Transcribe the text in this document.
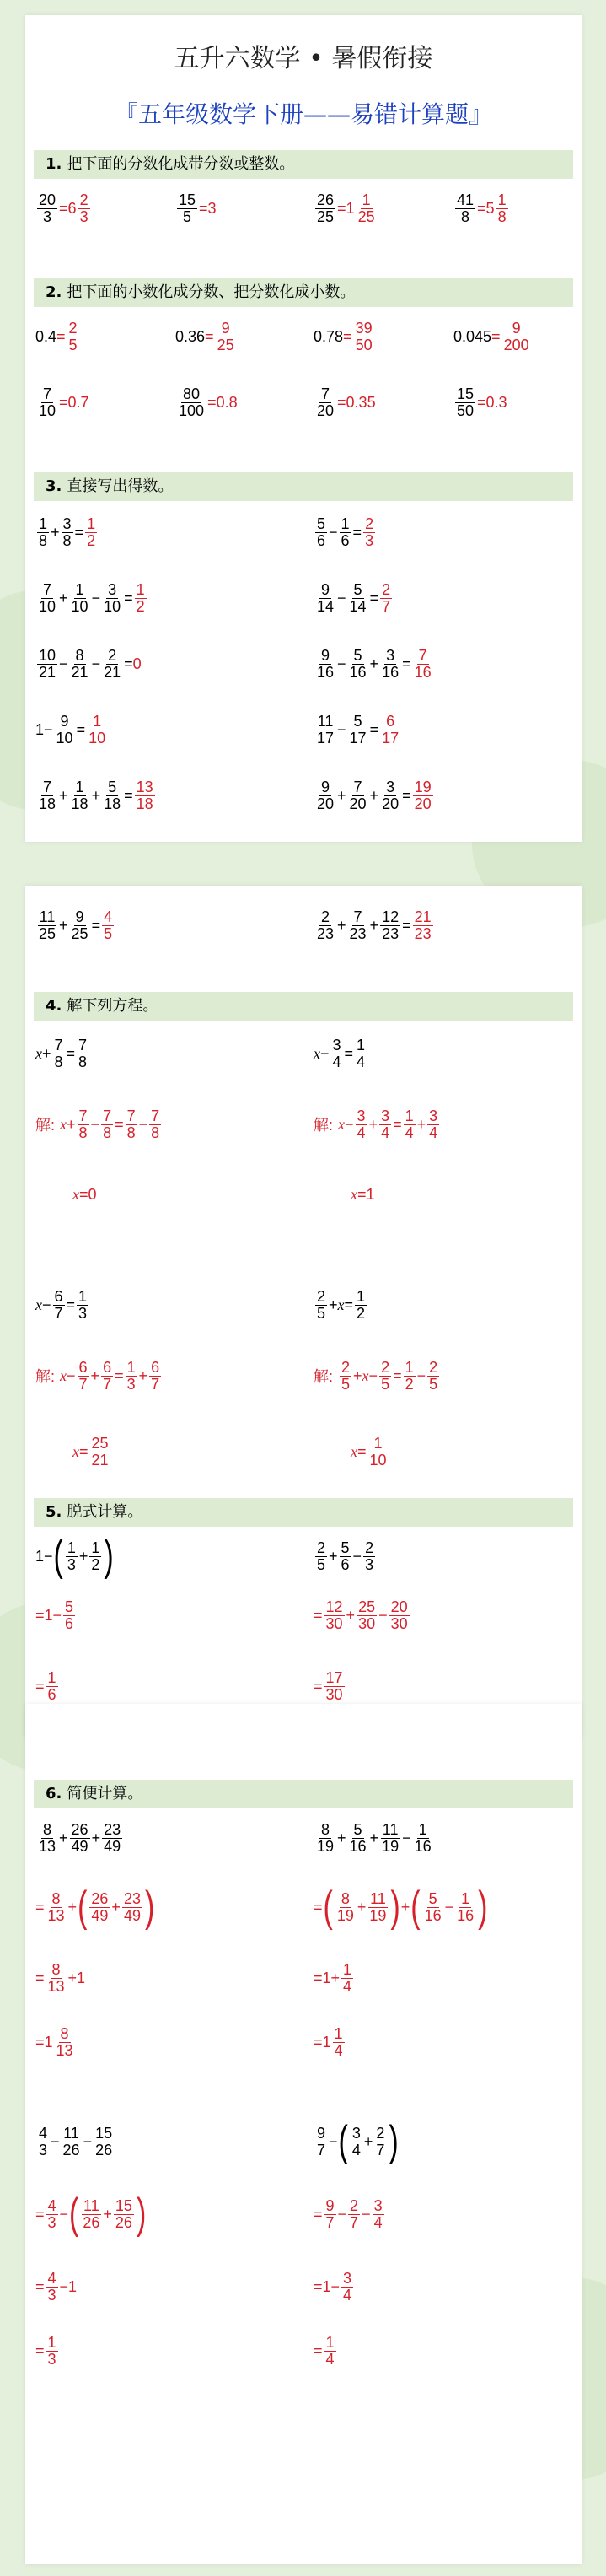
五升六数学 • 暑假衔接
『五年级数学下册——易错计算题』
1. 把下面的分数化成带分数或整数。
$\frac{20}{3} =6$ 2
3	$\frac{15}{5} =3$	$\frac{26}{25} =1$ 1
25	$\frac{41}{8} =5$ 1
8
2. 把下面的小数化成分数、把分数化成小数。
$0.4 = \frac{2}{5}$	$0.36 = \frac{9}{25}$	$0.78 = \frac{39}{50}$	$0.045 = \frac{9}{200}$
$\frac{7}{10} = 0.7$	$\frac{80}{100} = 0.8$	$\frac{7}{20} = 0.35$	$\frac{15}{50} = 0.3$
3. 直接写出得数。
1
8 + 3
8 = 1
2
7
10 + 1
10 − 3
10 = 1
2
10
21 − 8
21 − 2
21 = 0
1− 9
10 = 1
10
7
18 + 1
18 + 5
18 = 13
18
5
6 − 1
6 = 2
3
9
14 − 5
14 = 2
7
9
16 − 5
16 + 3
16 = 7
16
11
17 − 5
17 = 6
17
9
20 + 7
20 + 3
20 = 19
20
11
25 + 9
25 = 4
5
2
23 + 7
23 + 12
23 = 21
23
4. 解下列方程。
x + 7
8 = 7
8
解: x + 7
8 − 7
8 = 7
8 − 7
8
x =0
x − 3
4 = 1
4
解: x − 3
4 + 3
4 = 1
4 + 3
4
x =1
x − 6
7 = 1
3
解: x − 6
7 + 6
7 = 1
3 + 6
7
x = 25
21
2
5 + x = 1
2
解:
2
5 + x − 2
5 = 1
2 − 2
5
x = 1
10
5. 脱式计算。
1− ( 1
3 + 1
2 )	2
5 + 5
6 − 2
3
=1− 5
6
= 1
6
= 12
30 + 25
30 − 20
30
= 17
30
6. 简便计算。
8
13 + 26
49 + 23
49
= 8
13 + ( 26
49 + 23
49 )
= 8
13 +1
=1 8
13
8
19 + 5
16 + 11
19 − 1
16
= ( 8
19 + 11
19 ) + ( 5
16 − 1
16 )
=1+ 1
4
=1 1
4
4
3 − 11
26 − 15
26
= 4
3 − ( 11
26 + 15
26 )
= 4
3 −1
= 1
3
9
7 − ( 3
4 + 2
7 )
= 9
7 − 2
7 − 3
4
=1− 3
4
= 1
4
